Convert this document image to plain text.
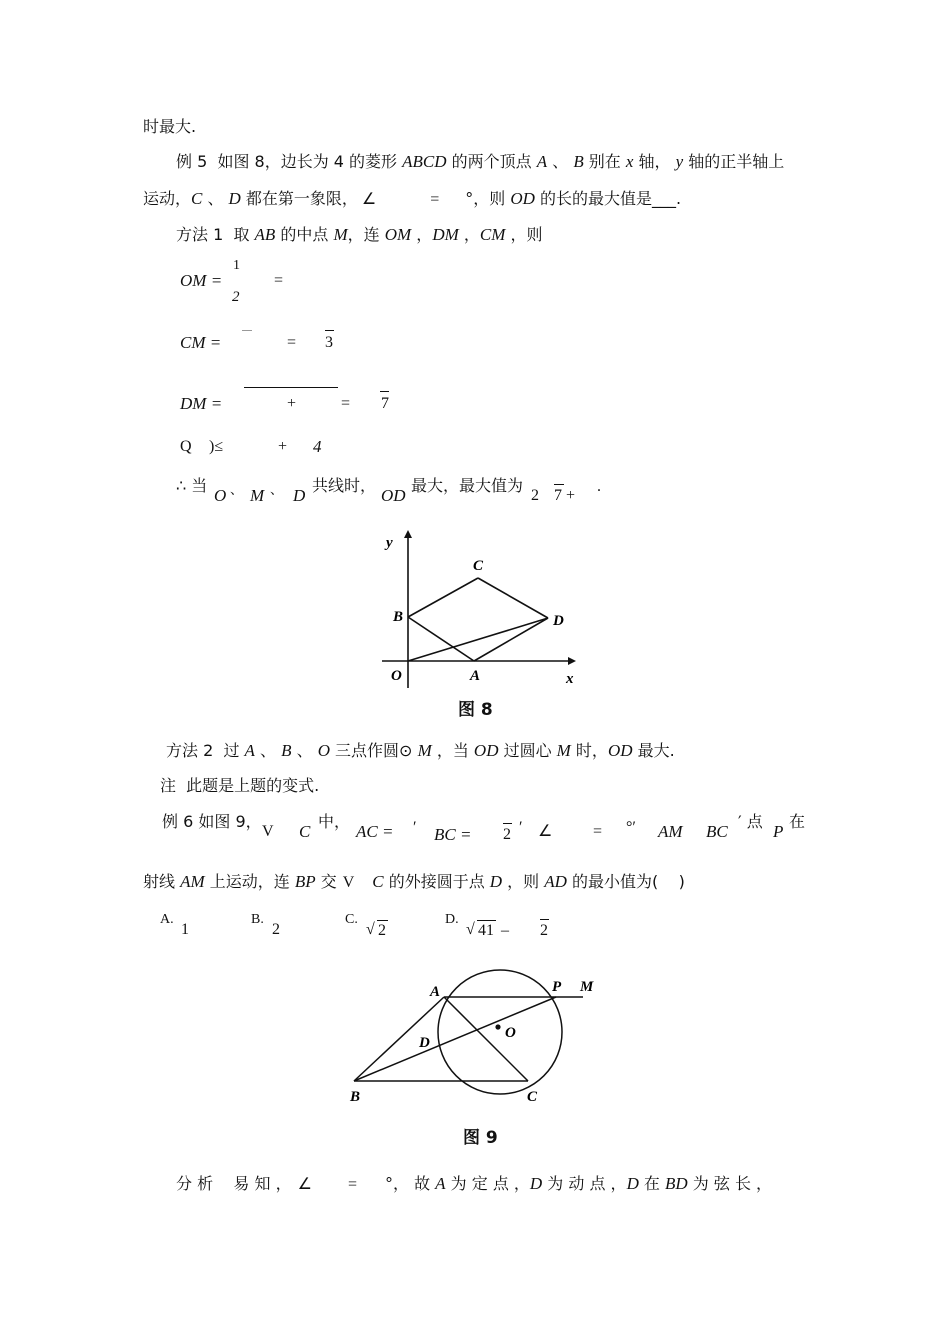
时最大.
例 5  如图 8，边长为 4 的菱形 ABCD 的两个顶点 A 、 B 别在 x 轴， y 轴的正半轴上
运动，C 、 D 都在第一象限， ∠	= °，则 OD 的长的最大值是___.
方法 1  取 AB 的中点 M，连 OM ，DM ，CM ，则
OM =
1
2
=
CM =	= 3
DM =	+	= 7
Q )≤	+ 4
∴ 当
O 、 M 、 D
共线时，
OD
最大，最大值为
2 7 +
.
y
x
O	A
B
C
D
图 8
方法 2  过 A 、 B 、 O 三点作圆⊙ M ，当 OD 过圆心 M 时，OD 最大.
注  此题是上题的变式.
例 6 如图 9，
V C
中，
AC = ′ BC = 2 ′ ∠	= °′ AM BC
′ 点
P
在
射线 AM 上运动，连 BP 交 V C 的外接圆于点 D ，则 AD 的最小值为(    )
A.
1
B.
2
C.
√ 2
D.
√ 41 – 2
A	P M
O
D
B	C
图 9
分 析    易 知 ， ∠ = °， 故 A 为 定 点 ，D 为 动 点 ，D 在 BD 为 弦 长 ，
